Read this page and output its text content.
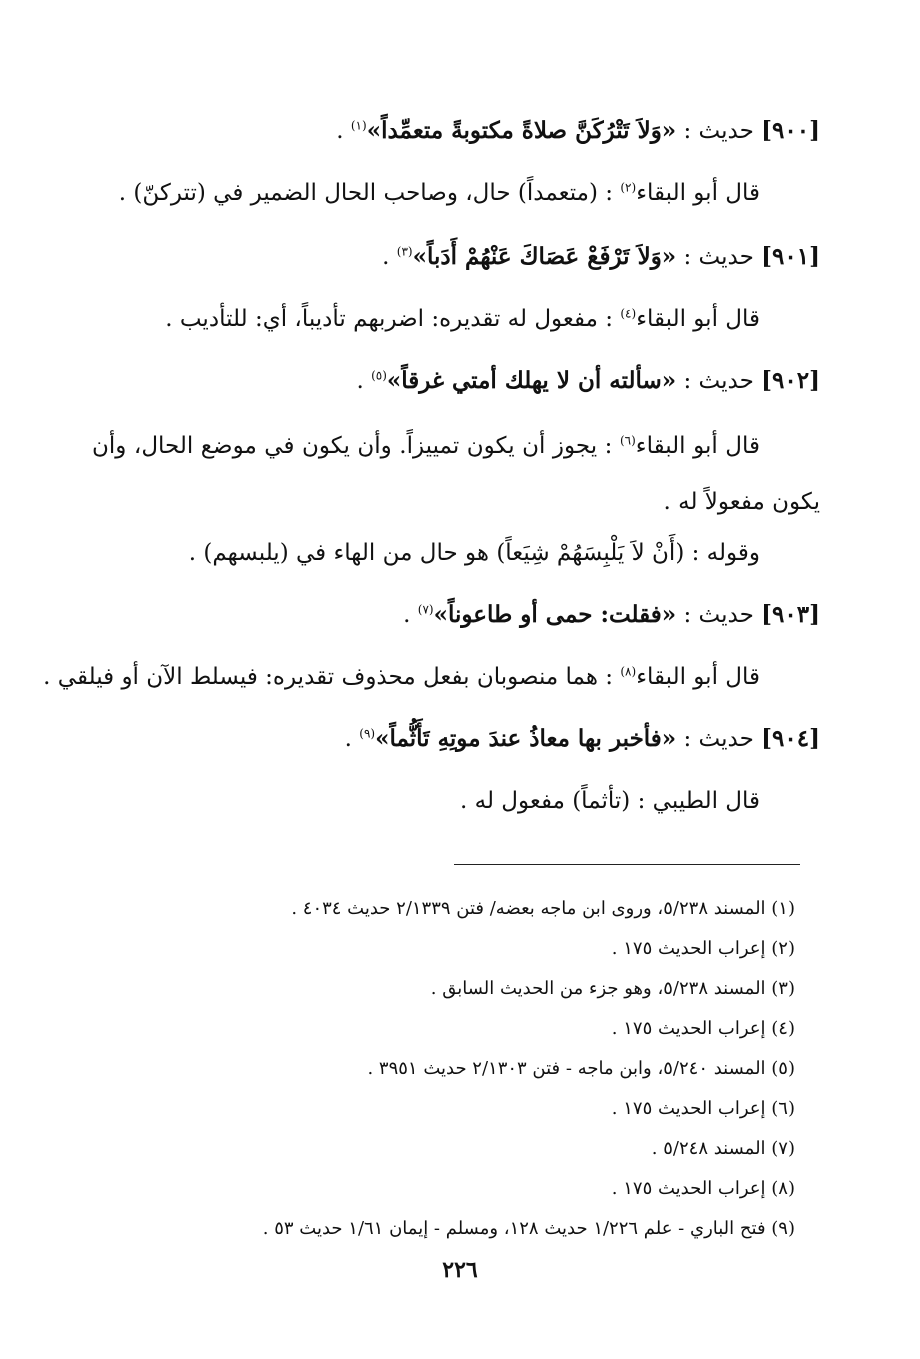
[٩٠٠] حديث : «وَلاَ تَتْرُكَنَّ صلاةً مكتوبةً متعمِّداً»$^{(١)}$ .
قال أبو البقاء$^{(٢)}$ : (متعمداً) حال، وصاحب الحال الضمير في (تتركنّ) .
[٩٠١] حديث : «وَلاَ تَرْفَعْ عَصَاكَ عَنْهُمْ أَدَباً»$^{(٣)}$ .
قال أبو البقاء$^{(٤)}$ : مفعول له تقديره: اضربهم تأديباً، أي: للتأديب .
[٩٠٢] حديث : «سألته أن لا يهلك أمتي غرقاً»$^{(٥)}$ .
قال أبو البقاء$^{(٦)}$ : يجوز أن يكون تمييزاً. وأن يكون في موضع الحال، وأن يكون مفعولاً له .
وقوله : (أَنْ لاَ يَلْبِسَهُمْ شِيَعاً) هو حال من الهاء في (يلبسهم) .
[٩٠٣] حديث : «فقلت: حمى أو طاعوناً»$^{(٧)}$ .
قال أبو البقاء$^{(٨)}$ : هما منصوبان بفعل محذوف تقديره: فيسلط الآن أو فيلقي .
[٩٠٤] حديث : «فأخبر بها معاذُ عندَ موتِهِ تَأَثُّماً»$^{(٩)}$ .
قال الطيبي : (تأثماً) مفعول له .
(١) المسند ٥/٢٣٨، وروى ابن ماجه بعضه/ فتن ٢/١٣٣٩ حديث ٤٠٣٤ .
(٢) إعراب الحديث ١٧٥ .
(٣) المسند ٥/٢٣٨، وهو جزء من الحديث السابق .
(٤) إعراب الحديث ١٧٥ .
(٥) المسند ٥/٢٤٠، وابن ماجه - فتن ٢/١٣٠٣ حديث ٣٩٥١ .
(٦) إعراب الحديث ١٧٥ .
(٧) المسند ٥/٢٤٨ .
(٨) إعراب الحديث ١٧٥ .
(٩) فتح الباري - علم ١/٢٢٦ حديث ١٢٨، ومسلم - إيمان ١/٦١ حديث ٥٣ .
٢٢٦
